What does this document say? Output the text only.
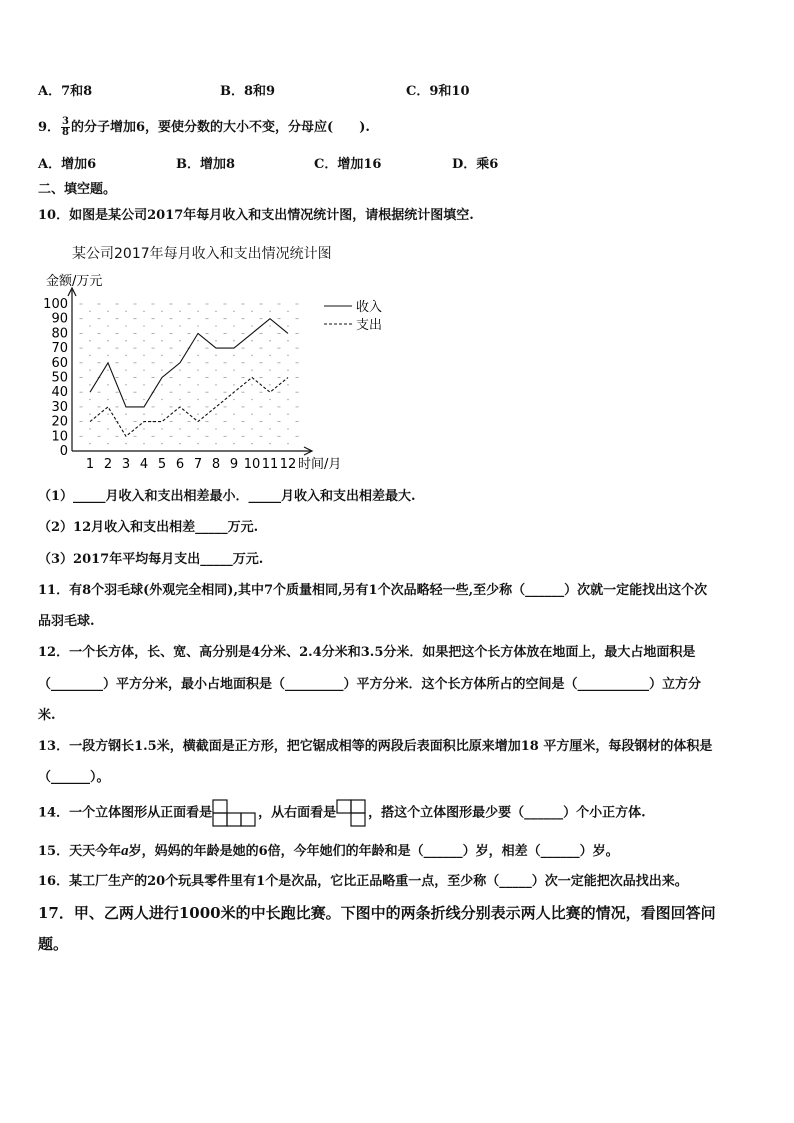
A．7和8	B．8和9	C．9和10
9． $\frac{3}{8}$ 的分子增加6，要使分数的大小不变，分母应(　　).
A．增加6	B．增加8	C．增加16	D．乘6
二、填空题。
10．如图是某公司2017年每月收入和支出情况统计图，请根据统计图填空.
某公司2017年每月收入和支出情况统计图
金额/万元
0
10
20
30
40
50
60
70
80
90
100
1 2 3 4 5 6 7 8 9 10 11 12 时间/月
收入
支出
（1）_____月收入和支出相差最小．_____月收入和支出相差最大.
（2）12月收入和支出相差_____万元.
（3）2017年平均每月支出_____万元.
11．有8个羽毛球(外观完全相同),其中7个质量相同,另有1个次品略轻一些,至少称（______）次就一定能找出这个次
品羽毛球.
12．一个长方体，长、宽、高分别是4分米、2.4分米和3.5分米．如果把这个长方体放在地面上，最大占地面积是
（________）平方分米，最小占地面积是（_________）平方分米．这个长方体所占的空间是（___________）立方分
米.
13．一段方钢长1.5米，横截面是正方形，把它锯成相等的两段后表面积比原来增加18 平方厘米，每段钢材的体积是
（______）。
14．一个立体图形从正面看是	，从右面看是 ，搭这个立体图形最少要（______）个小正方体.
15．天天今年a岁，妈妈的年龄是她的6倍，今年她们的年龄和是（______）岁，相差（______）岁。
16．某工厂生产的20个玩具零件里有1个是次品，它比正品略重一点，至少称（_____）次一定能把次品找出来。
17．甲、乙两人进行1000米的中长跑比赛。下图中的两条折线分别表示两人比赛的情况，看图回答问
题。
